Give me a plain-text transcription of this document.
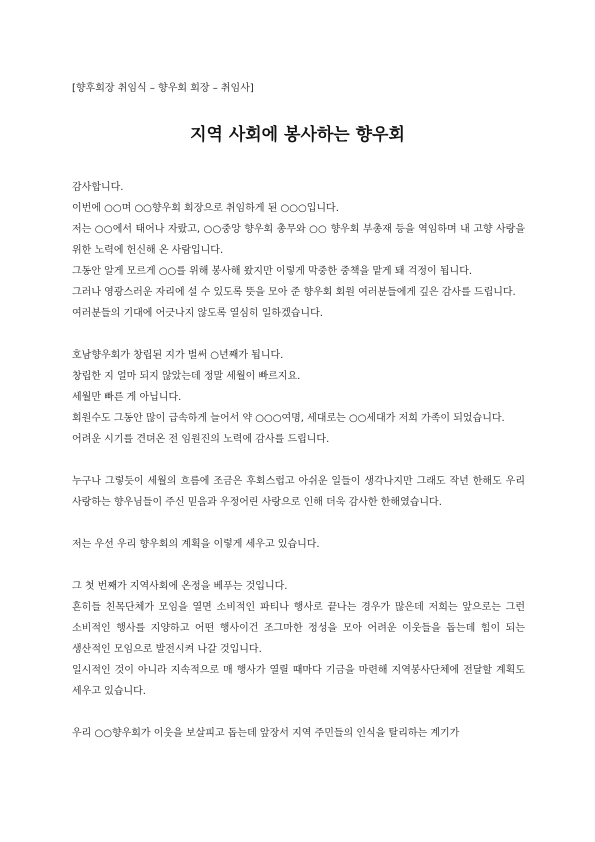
[향후회장 취임식 – 향우회 회장 – 취임사]
지역 사회에 봉사하는 향우회

감사합니다.

이번에 ○○며 ○○향우회 회장으로 취임하게 된 ○○○입니다.

저는 ○○에서 태어나 자랐고, ○○중앙 향우회 총무와 ○○ 향우회 부총재 등을 역임하며 내 고향 사랑을 위한 노력에 헌신해 온 사람입니다.

그동안 알게 모르게 ○○를 위해 봉사해 왔지만 이렇게 막중한 중책을 맡게 돼 걱정이 됩니다.

그러나 영광스러운 자리에 설 수 있도록 뜻을 모아 준 향우회 회원 여러분들에게 깊은 감사를 드립니다.

여러분들의 기대에 어긋나지 않도록 열심히 일하겠습니다.

호남향우회가 창립된 지가 벌써 ○년째가 됩니다.

창립한 지 얼마 되지 않았는데 정말 세월이 빠르지요.

세월만 빠른 게 아닙니다.

회원수도 그동안 많이 급속하게 늘어서 약 ○○○여명, 세대로는 ○○세대가 저희 가족이 되었습니다.

어려운 시기를 견뎌온 전 임원진의 노력에 감사를 드립니다.

누구나 그렇듯이 세월의 흐름에 조금은 후회스럽고 아쉬운 일들이 생각나지만 그래도 작년 한해도 우리 사랑하는 향우님들이 주신 믿음과 우정어린 사랑으로 인해 더욱 감사한 한해였습니다.

저는 우선 우리 향우회의 계획을 이렇게 세우고 있습니다.

그 첫 번째가 지역사회에 온정을 베푸는 것입니다.

흔히들 친목단체가 모임을 열면 소비적인 파티나 행사로 끝나는 경우가 많은데 저희는 앞으로는 그런 소비적인 행사를 지양하고 어떤 행사이건 조그마한 정성을 모아 어려운 이웃들을 돕는데 힘이 되는 생산적인 모임으로 발전시켜 나갈 것입니다.

일시적인 것이 아니라 지속적으로 매 행사가 열릴 때마다 기금을 마련해 지역봉사단체에 전달할 계획도 세우고 있습니다.

우리 ○○향우회가 이웃을 보살피고 돕는데 앞장서 지역 주민들의 인식을 탈리하는 계기가
